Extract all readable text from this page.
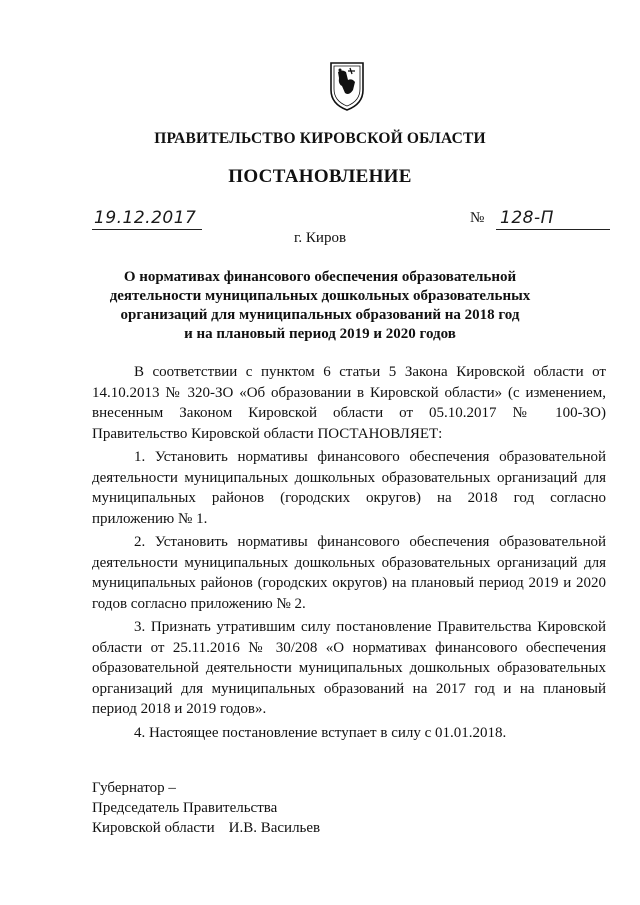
ПРАВИТЕЛЬСТВО КИРОВСКОЙ ОБЛАСТИ
ПОСТАНОВЛЕНИЕ
19.12.2017	№ 128-П
г. Киров
О нормативах финансового обеспечения образовательной
деятельности муниципальных дошкольных образовательных
организаций для муниципальных образований на 2018 год
и на плановый период 2019 и 2020 годов

В соответствии с пунктом 6 статьи 5 Закона Кировской области от 14.10.2013 № 320-ЗО «Об образовании в Кировской области» (с изменением, внесенным Законом Кировской области от 05.10.2017 № 100-ЗО) Правительство Кировской области ПОСТАНОВЛЯЕТ:

1. Установить нормативы финансового обеспечения образовательной деятельности муниципальных дошкольных образовательных организаций для муниципальных районов (городских округов) на 2018 год согласно приложению № 1.

2. Установить нормативы финансового обеспечения образовательной деятельности муниципальных дошкольных образовательных организаций для муниципальных районов (городских округов) на плановый период 2019 и 2020 годов согласно приложению № 2.

3. Признать утратившим силу постановление Правительства Кировской области от 25.11.2016 № 30/208 «О нормативах финансового обеспечения образовательной деятельности муниципальных дошкольных образовательных организаций для муниципальных образований на 2017 год и на плановый период 2018 и 2019 годов».

4. Настоящее постановление вступает в силу с 01.01.2018.

Губернатор –
Председатель Правительства
Кировской области И.В. Васильев
